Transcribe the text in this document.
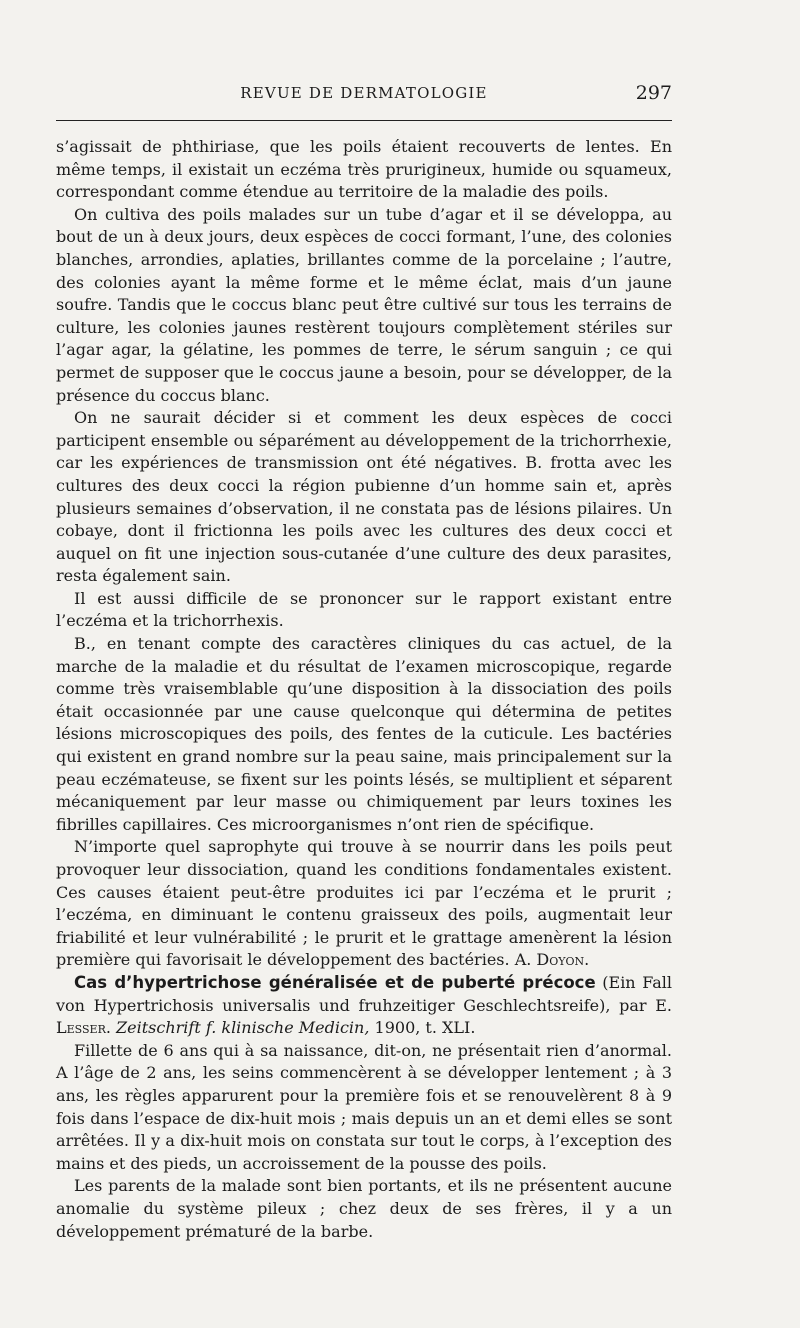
REVUE DE DERMATOLOGIE	297

s’agissait de phthiriase, que les poils étaient recouverts de lentes. En même temps, il existait un eczéma très prurigineux, humide ou squameux, correspondant comme étendue au territoire de la maladie des poils.

On cultiva des poils malades sur un tube d’agar et il se développa, au bout de un à deux jours, deux espèces de cocci formant, l’une, des colonies blanches, arrondies, aplaties, brillantes comme de la porcelaine ; l’autre, des colonies ayant la même forme et le même éclat, mais d’un jaune soufre. Tandis que le coccus blanc peut être cultivé sur tous les terrains de culture, les colonies jaunes restèrent toujours complètement stériles sur l’agar agar, la gélatine, les pommes de terre, le sérum sanguin ; ce qui permet de supposer que le coccus jaune a besoin, pour se développer, de la présence du coccus blanc.

On ne saurait décider si et comment les deux espèces de cocci participent ensemble ou séparément au développement de la trichorrhexie, car les expériences de transmission ont été négatives. B. frotta avec les cultures des deux cocci la région pubienne d’un homme sain et, après plusieurs semaines d’observation, il ne constata pas de lésions pilaires. Un cobaye, dont il frictionna les poils avec les cultures des deux cocci et auquel on fit une injection sous-cutanée d’une culture des deux parasites, resta également sain.

Il est aussi difficile de se prononcer sur le rapport existant entre l’eczéma et la trichorrhexis.

B., en tenant compte des caractères cliniques du cas actuel, de la marche de la maladie et du résultat de l’examen microscopique, regarde comme très vraisemblable qu’une disposition à la dissociation des poils était occasionnée par une cause quelconque qui détermina de petites lésions microscopiques des poils, des fentes de la cuticule. Les bactéries qui existent en grand nombre sur la peau saine, mais principalement sur la peau eczémateuse, se fixent sur les points lésés, se multiplient et séparent mécaniquement par leur masse ou chimiquement par leurs toxines les fibrilles capillaires. Ces microorganismes n’ont rien de spécifique.

N’importe quel saprophyte qui trouve à se nourrir dans les poils peut provoquer leur dissociation, quand les conditions fondamentales existent. Ces causes étaient peut-être produites ici par l’eczéma et le prurit ; l’eczéma, en diminuant le contenu graisseux des poils, augmentait leur friabilité et leur vulnérabilité ; le prurit et le grattage amenèrent la lésion première qui favorisait le développement des bactéries. A. Doyon.

Cas d’hypertrichose généralisée et de puberté précoce (Ein Fall von Hypertrichosis universalis und fruhzeitiger Geschlechtsreife), par E. Lesser. Zeitschrift f. klinische Medicin, 1900, t. XLI.

Fillette de 6 ans qui à sa naissance, dit-on, ne présentait rien d’anormal. A l’âge de 2 ans, les seins commencèrent à se développer lentement ; à 3 ans, les règles apparurent pour la première fois et se renouvelèrent 8 à 9 fois dans l’espace de dix-huit mois ; mais depuis un an et demi elles se sont arrêtées. Il y a dix-huit mois on constata sur tout le corps, à l’exception des mains et des pieds, un accroissement de la pousse des poils.

Les parents de la malade sont bien portants, et ils ne présentent aucune anomalie du système pileux ; chez deux de ses frères, il y a un développement prématuré de la barbe.
